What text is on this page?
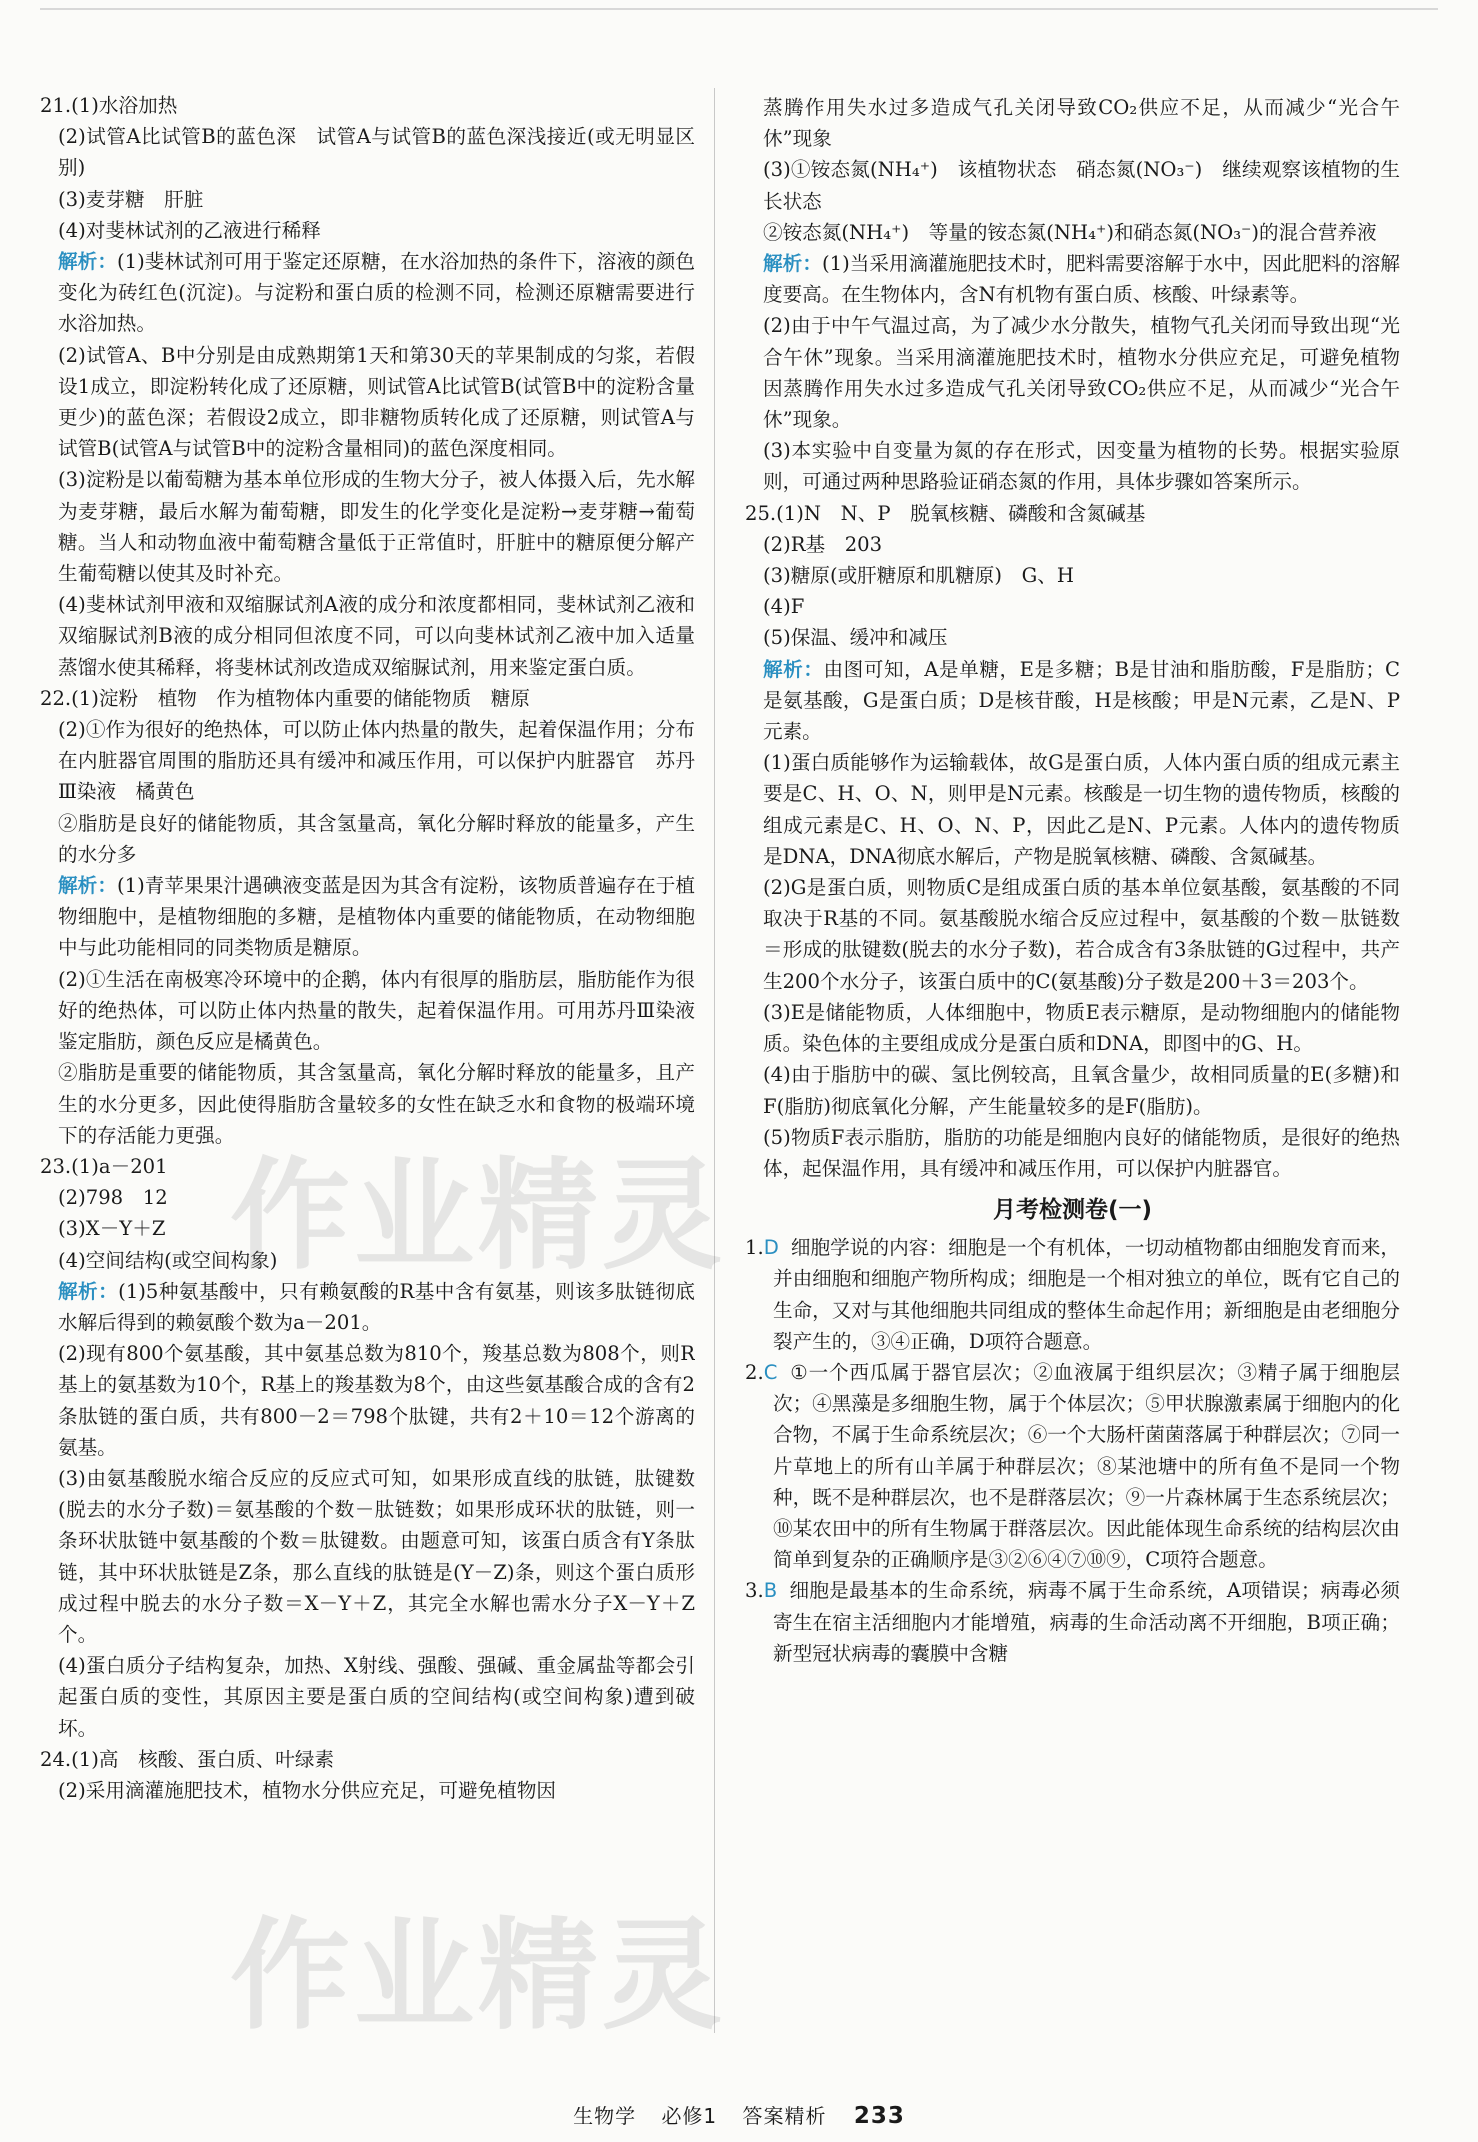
21.(1)水浴加热

(2)试管A比试管B的蓝色深　试管A与试管B的蓝色深浅接近(或无明显区别)

(3)麦芽糖　肝脏

(4)对斐林试剂的乙液进行稀释

解析：(1)斐林试剂可用于鉴定还原糖，在水浴加热的条件下，溶液的颜色变化为砖红色(沉淀)。与淀粉和蛋白质的检测不同，检测还原糖需要进行水浴加热。

(2)试管A、B中分别是由成熟期第1天和第30天的苹果制成的匀浆，若假设1成立，即淀粉转化成了还原糖，则试管A比试管B(试管B中的淀粉含量更少)的蓝色深；若假设2成立，即非糖物质转化成了还原糖，则试管A与试管B(试管A与试管B中的淀粉含量相同)的蓝色深度相同。

(3)淀粉是以葡萄糖为基本单位形成的生物大分子，被人体摄入后，先水解为麦芽糖，最后水解为葡萄糖，即发生的化学变化是淀粉→麦芽糖→葡萄糖。当人和动物血液中葡萄糖含量低于正常值时，肝脏中的糖原便分解产生葡萄糖以使其及时补充。

(4)斐林试剂甲液和双缩脲试剂A液的成分和浓度都相同，斐林试剂乙液和双缩脲试剂B液的成分相同但浓度不同，可以向斐林试剂乙液中加入适量蒸馏水使其稀释，将斐林试剂改造成双缩脲试剂，用来鉴定蛋白质。

22.(1)淀粉　植物　作为植物体内重要的储能物质　糖原

(2)①作为很好的绝热体，可以防止体内热量的散失，起着保温作用；分布在内脏器官周围的脂肪还具有缓冲和减压作用，可以保护内脏器官　苏丹Ⅲ染液　橘黄色

②脂肪是良好的储能物质，其含氢量高，氧化分解时释放的能量多，产生的水分多

解析：(1)青苹果果汁遇碘液变蓝是因为其含有淀粉，该物质普遍存在于植物细胞中，是植物细胞的多糖，是植物体内重要的储能物质，在动物细胞中与此功能相同的同类物质是糖原。

(2)①生活在南极寒冷环境中的企鹅，体内有很厚的脂肪层，脂肪能作为很好的绝热体，可以防止体内热量的散失，起着保温作用。可用苏丹Ⅲ染液鉴定脂肪，颜色反应是橘黄色。

②脂肪是重要的储能物质，其含氢量高，氧化分解时释放的能量多，且产生的水分更多，因此使得脂肪含量较多的女性在缺乏水和食物的极端环境下的存活能力更强。

23.(1)a－201

(2)798　12

(3)X－Y＋Z

(4)空间结构(或空间构象)

解析：(1)5种氨基酸中，只有赖氨酸的R基中含有氨基，则该多肽链彻底水解后得到的赖氨酸个数为a－201。

(2)现有800个氨基酸，其中氨基总数为810个，羧基总数为808个，则R基上的氨基数为10个，R基上的羧基数为8个，由这些氨基酸合成的含有2条肽链的蛋白质，共有800－2＝798个肽键，共有2＋10＝12个游离的氨基。

(3)由氨基酸脱水缩合反应的反应式可知，如果形成直线的肽链，肽键数(脱去的水分子数)＝氨基酸的个数－肽链数；如果形成环状的肽链，则一条环状肽链中氨基酸的个数＝肽键数。由题意可知，该蛋白质含有Y条肽链，其中环状肽链是Z条，那么直线的肽链是(Y－Z)条，则这个蛋白质形成过程中脱去的水分子数＝X－Y＋Z，其完全水解也需水分子X－Y＋Z个。

(4)蛋白质分子结构复杂，加热、X射线、强酸、强碱、重金属盐等都会引起蛋白质的变性，其原因主要是蛋白质的空间结构(或空间构象)遭到破坏。

24.(1)高　核酸、蛋白质、叶绿素

(2)采用滴灌施肥技术，植物水分供应充足，可避免植物因

蒸腾作用失水过多造成气孔关闭导致CO₂供应不足，从而减少“光合午休”现象

(3)①铵态氮(NH₄⁺)　该植物状态　硝态氮(NO₃⁻)　继续观察该植物的生长状态

②铵态氮(NH₄⁺)　等量的铵态氮(NH₄⁺)和硝态氮(NO₃⁻)的混合营养液

解析：(1)当采用滴灌施肥技术时，肥料需要溶解于水中，因此肥料的溶解度要高。在生物体内，含N有机物有蛋白质、核酸、叶绿素等。

(2)由于中午气温过高，为了减少水分散失，植物气孔关闭而导致出现“光合午休”现象。当采用滴灌施肥技术时，植物水分供应充足，可避免植物因蒸腾作用失水过多造成气孔关闭导致CO₂供应不足，从而减少“光合午休”现象。

(3)本实验中自变量为氮的存在形式，因变量为植物的长势。根据实验原则，可通过两种思路验证硝态氮的作用，具体步骤如答案所示。

25.(1)N　N、P　脱氧核糖、磷酸和含氮碱基

(2)R基　203

(3)糖原(或肝糖原和肌糖原)　G、H

(4)F

(5)保温、缓冲和减压

解析：由图可知，A是单糖，E是多糖；B是甘油和脂肪酸，F是脂肪；C是氨基酸，G是蛋白质；D是核苷酸，H是核酸；甲是N元素，乙是N、P元素。

(1)蛋白质能够作为运输载体，故G是蛋白质，人体内蛋白质的组成元素主要是C、H、O、N，则甲是N元素。核酸是一切生物的遗传物质，核酸的组成元素是C、H、O、N、P，因此乙是N、P元素。人体内的遗传物质是DNA，DNA彻底水解后，产物是脱氧核糖、磷酸、含氮碱基。

(2)G是蛋白质，则物质C是组成蛋白质的基本单位氨基酸，氨基酸的不同取决于R基的不同。氨基酸脱水缩合反应过程中，氨基酸的个数－肽链数＝形成的肽键数(脱去的水分子数)，若合成含有3条肽链的G过程中，共产生200个水分子，该蛋白质中的C(氨基酸)分子数是200＋3＝203个。

(3)E是储能物质，人体细胞中，物质E表示糖原，是动物细胞内的储能物质。染色体的主要组成成分是蛋白质和DNA，即图中的G、H。

(4)由于脂肪中的碳、氢比例较高，且氧含量少，故相同质量的E(多糖)和F(脂肪)彻底氧化分解，产生能量较多的是F(脂肪)。

(5)物质F表示脂肪，脂肪的功能是细胞内良好的储能物质，是很好的绝热体，起保温作用，具有缓冲和减压作用，可以保护内脏器官。

月考检测卷(一)

1.D 细胞学说的内容：细胞是一个有机体，一切动植物都由细胞发育而来，并由细胞和细胞产物所构成；细胞是一个相对独立的单位，既有它自己的生命，又对与其他细胞共同组成的整体生命起作用；新细胞是由老细胞分裂产生的，③④正确，D项符合题意。

2.C ①一个西瓜属于器官层次；②血液属于组织层次；③精子属于细胞层次；④黑藻是多细胞生物，属于个体层次；⑤甲状腺激素属于细胞内的化合物，不属于生命系统层次；⑥一个大肠杆菌菌落属于种群层次；⑦同一片草地上的所有山羊属于种群层次；⑧某池塘中的所有鱼不是同一个物种，既不是种群层次，也不是群落层次；⑨一片森林属于生态系统层次；⑩某农田中的所有生物属于群落层次。因此能体现生命系统的结构层次由简单到复杂的正确顺序是③②⑥④⑦⑩⑨，C项符合题意。

3.B 细胞是最基本的生命系统，病毒不属于生命系统，A项错误；病毒必须寄生在宿主活细胞内才能增殖，病毒的生命活动离不开细胞，B项正确；新型冠状病毒的囊膜中含糖

作业精灵
作业精灵
生物学 必修1 答案精析 233
